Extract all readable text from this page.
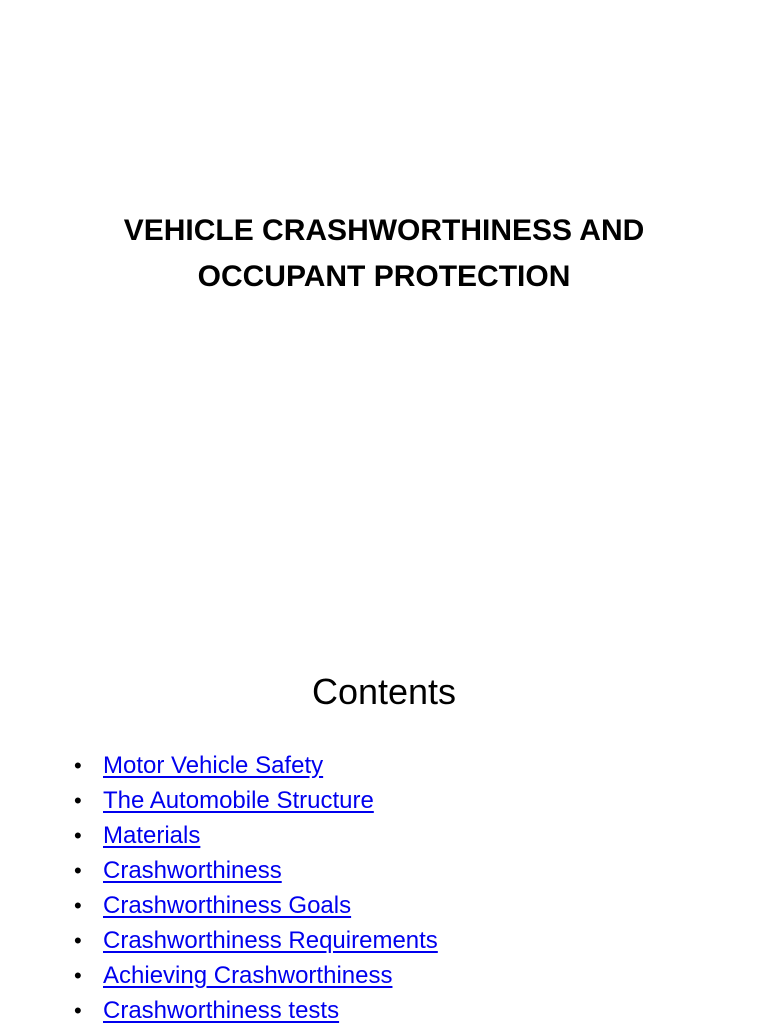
VEHICLE CRASHWORTHINESS AND
OCCUPANT PROTECTION
Contents
• Motor Vehicle Safety
• The Automobile Structure
• Materials
• Crashworthiness
• Crashworthiness Goals
• Crashworthiness Requirements
• Achieving Crashworthiness
• Crashworthiness tests
